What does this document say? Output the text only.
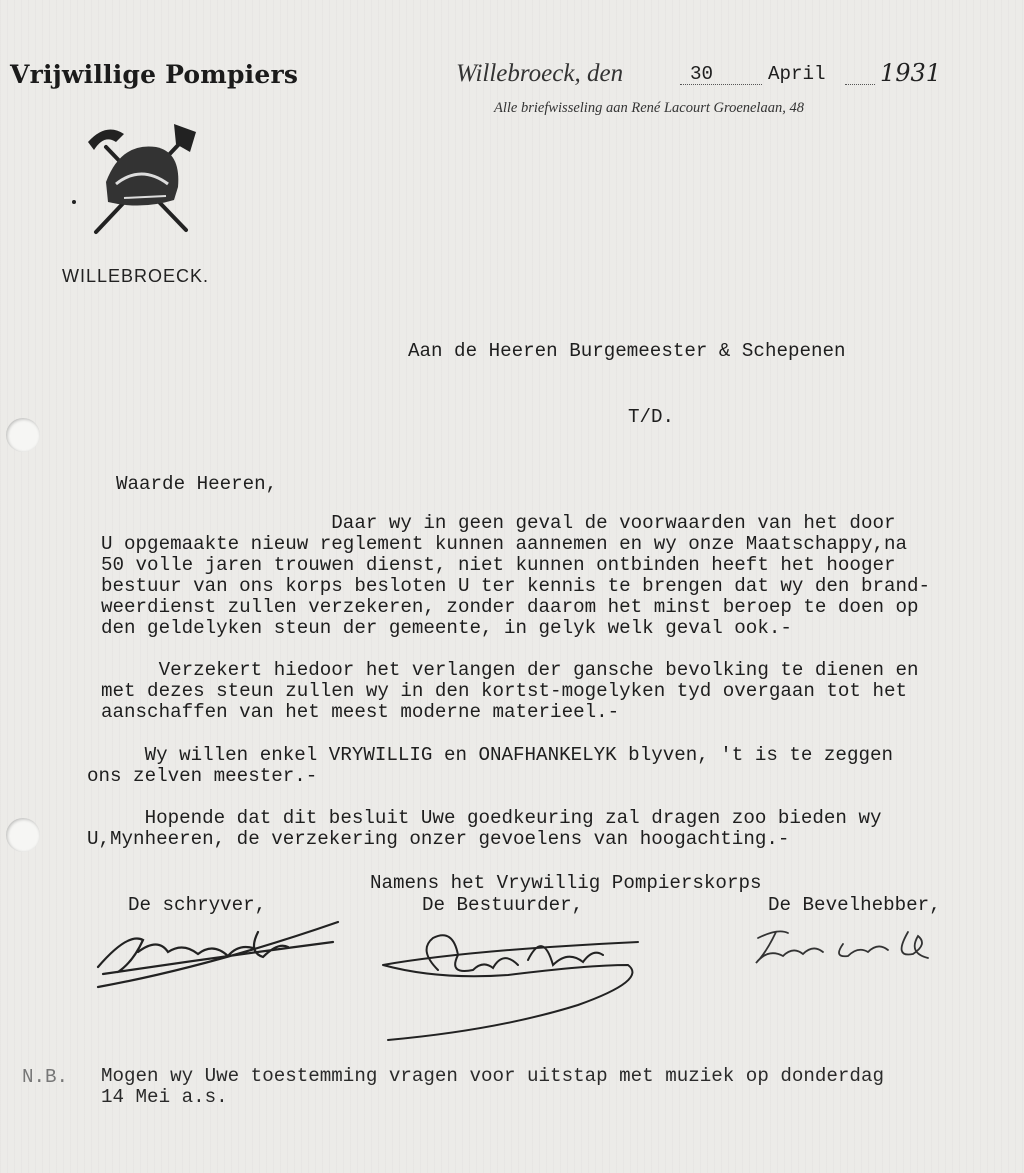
Vrijwillige Pompiers
WILLEBROECK.
Willebroeck, den	30	April 1931
Alle briefwisseling aan René Lacourt Groenelaan, 48
Aan de Heeren Burgemeester & Schepenen
T/D.
Waarde Heeren,
Daar wy in geen geval de voorwaarden van het door
U opgemaakte nieuw reglement kunnen aannemen en wy onze Maatschappy,na
50 volle jaren trouwen dienst, niet kunnen ontbinden heeft het hooger
bestuur van ons korps besloten U ter kennis te brengen dat wy den brand-
weerdienst zullen verzekeren, zonder daarom het minst beroep te doen op
den geldelyken steun der gemeente, in gelyk welk geval ook.-
Verzekert hiedoor het verlangen der gansche bevolking te dienen en
met dezes steun zullen wy in den kortst-mogelyken tyd overgaan tot het
aanschaffen van het meest moderne materieel.-
Wy willen enkel VRYWILLIG en ONAFHANKELYK blyven, 't is te zeggen
ons zelven meester.-
Hopende dat dit besluit Uwe goedkeuring zal dragen zoo bieden wy
U,Mynheeren, de verzekering onzer gevoelens van hoogachting.-
Namens het Vrywillig Pompierskorps
De schryver,	De Bestuurder,	De Bevelhebber,
N.B. Mogen wy Uwe toestemming vragen voor uitstap met muziek op donderdag
14 Mei a.s.
